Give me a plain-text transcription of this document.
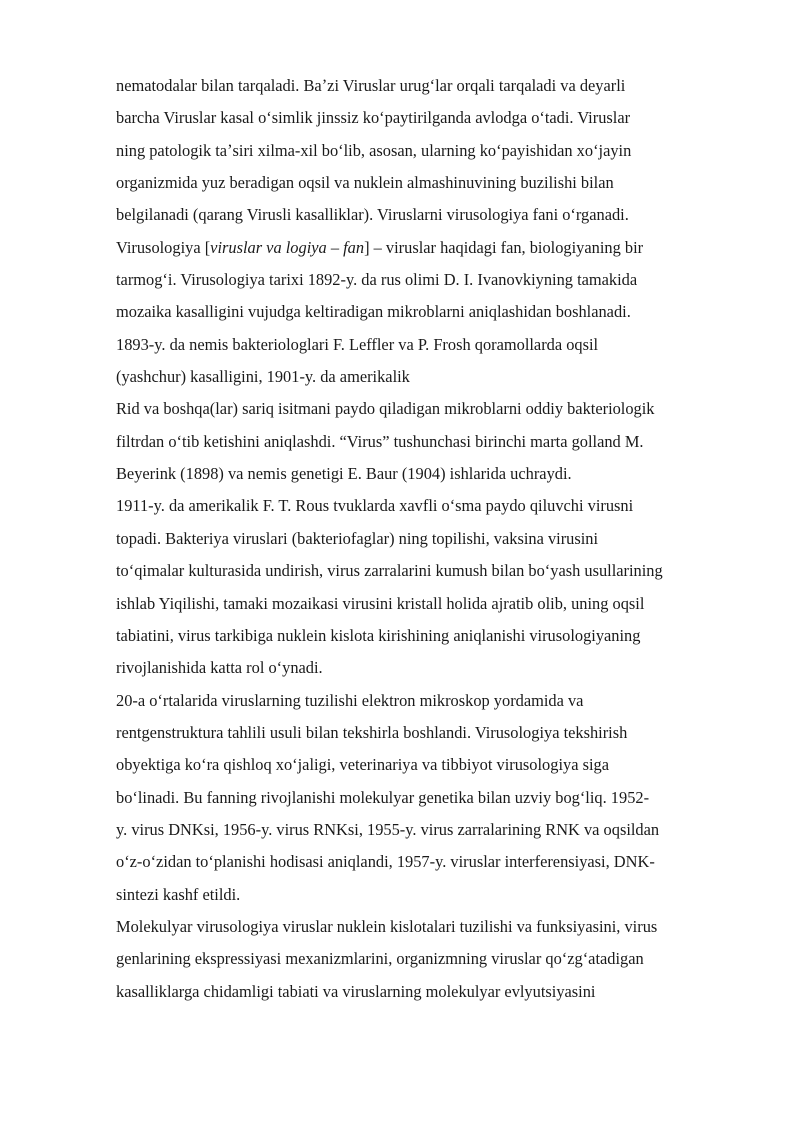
nematodalar bilan tarqaladi. Baʼzi Viruslar urugʻlar orqali tarqaladi va deyarli
barcha Viruslar kasal oʻsimlik jinssiz koʻpaytirilganda avlodga oʻtadi. Viruslar
ning patologik taʼsiri xilma-xil boʻlib, asosan, ularning koʻpayishidan xoʻjayin
organizmida yuz beradigan oqsil va nuklein almashinuvining buzilishi bilan
belgilanadi (qarang Virusli kasalliklar). Viruslarni virusologiya fani oʻrganadi.
Virusologiya [viruslar va logiya – fan] – viruslar haqidagi fan, biologiyaning bir
tarmogʻi. Virusologiya tarixi 1892-y. da rus olimi D. I. Ivanovkiyning tamakida
mozaika kasalligini vujudga keltiradigan mikroblarni aniqlashidan boshlanadi.
1893-y. da nemis bakteriologlari F. Leffler va P. Frosh qoramollarda oqsil
(yashchur) kasalligini, 1901-y. da amerikalik
Rid va boshqa(lar) sariq isitmani paydo qiladigan mikroblarni oddiy bakteriologik
filtrdan oʻtib ketishini aniqlashdi. “Virus” tushunchasi birinchi marta golland M.
Beyerink (1898) va nemis genetigi E. Baur (1904) ishlarida uchraydi.
1911-y. da amerikalik F. T. Rous tvuklarda xavfli oʻsma paydo qiluvchi virusni
topadi. Bakteriya viruslari (bakteriofaglar) ning topilishi, vaksina virusini
toʻqimalar kulturasida undirish, virus zarralarini kumush bilan boʻyash usullarining
ishlab Yiqilishi, tamaki mozaikasi virusini kristall holida ajratib olib, uning oqsil
tabiatini, virus tarkibiga nuklein kislota kirishining aniqlanishi virusologiyaning
rivojlanishida katta rol oʻynadi.
20-a oʻrtalarida viruslarning tuzilishi elektron mikroskop yordamida va
rentgenstruktura tahlili usuli bilan tekshirla boshlandi. Virusologiya tekshirish
obyektiga koʻra qishloq xoʻjaligi, veterinariya va tibbiyot virusologiya siga
boʻlinadi. Bu fanning rivojlanishi molekulyar genetika bilan uzviy bogʻliq. 1952-
y. virus DNKsi, 1956-y. virus RNKsi, 1955-y. virus zarralarining RNK va oqsildan
oʻz-oʻzidan toʻplanishi hodisasi aniqlandi, 1957-y. viruslar interferensiyasi, DNK-
sintezi kashf etildi.
Molekulyar virusologiya viruslar nuklein kislotalari tuzilishi va funksiyasini, virus
genlarining ekspressiyasi mexanizmlarini, organizmning viruslar qoʻzgʻatadigan
kasalliklarga chidamligi tabiati va viruslarning molekulyar evlyutsiyasini
